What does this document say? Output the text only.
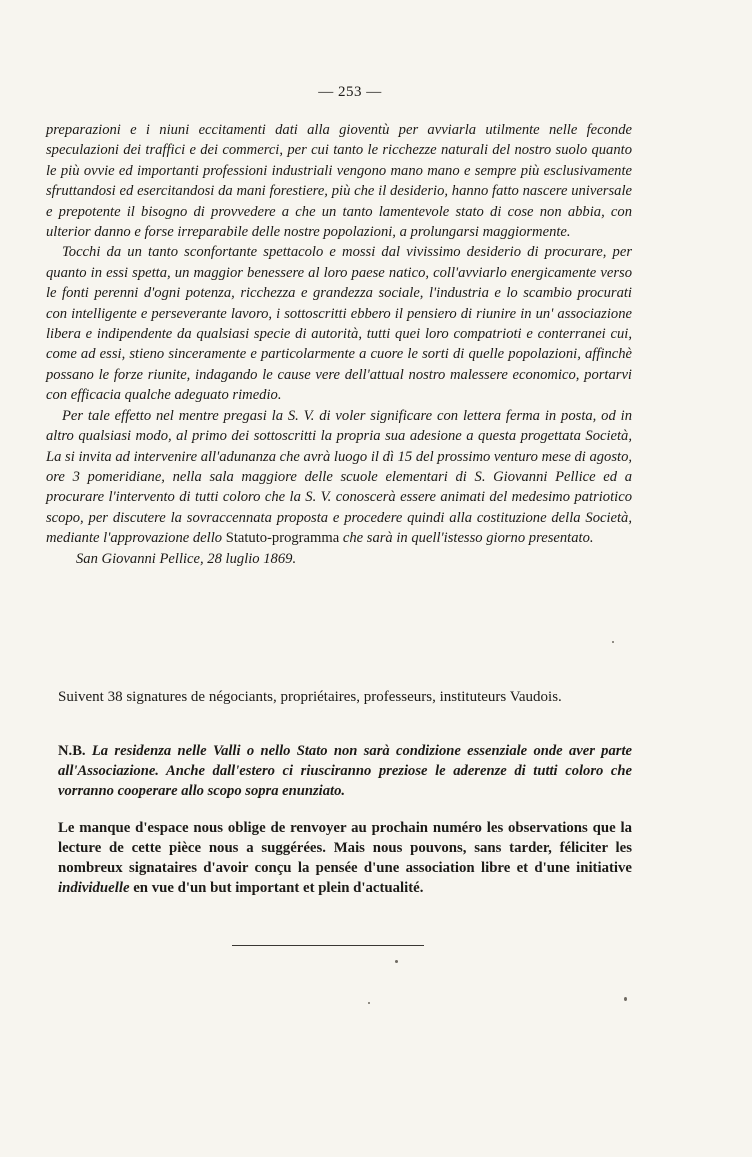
— 253 —

preparazioni e i niuni eccitamenti dati alla gioventù per avviarla utilmente nelle feconde speculazioni dei traffici e dei commerci, per cui tanto le ricchezze naturali del nostro suolo quanto le più ovvie ed importanti professioni industriali vengono mano mano e sempre più esclusivamente sfruttandosi ed esercitandosi da mani forestiere, più che il desiderio, hanno fatto nascere universale e prepotente il bisogno di provvedere a che un tanto lamentevole stato di cose non abbia, con ulterior danno e forse irreparabile delle nostre popolazioni, a prolungarsi maggiormente.

Tocchi da un tanto sconfortante spettacolo e mossi dal vivissimo desiderio di procurare, per quanto in essi spetta, un maggior benessere al loro paese natico, coll'avviarlo energicamente verso le fonti perenni d'ogni potenza, ricchezza e grandezza sociale, l'industria e lo scambio procurati con intelligente e perseverante lavoro, i sottoscritti ebbero il pensiero di riunire in un' associazione libera e indipendente da qualsiasi specie di autorità, tutti quei loro compatrioti e conterranei cui, come ad essi, stieno sinceramente e particolarmente a cuore le sorti di quelle popolazioni, affinchè possano le forze riunite, indagando le cause vere dell'attual nostro malessere economico, portarvi con efficacia qualche adeguato rimedio.

Per tale effetto nel mentre pregasi la S. V. di voler significare con lettera ferma in posta, od in altro qualsiasi modo, al primo dei sottoscritti la propria sua adesione a questa progettata Società, La si invita ad intervenire all'adunanza che avrà luogo il dì 15 del prossimo venturo mese di agosto, ore 3 pomeridiane, nella sala maggiore delle scuole elementari di S. Giovanni Pellice ed a procurare l'intervento di tutti coloro che la S. V. conoscerà essere animati del medesimo patriotico scopo, per discutere la sovraccennata proposta e procedere quindi alla costituzione della Società, mediante l'approvazione dello Statuto-programma che sarà in quell'istesso giorno presentato.

San Giovanni Pellice, 28 luglio 1869.

Suivent 38 signatures de négociants, propriétaires, professeurs, instituteurs Vaudois.
N.B. La residenza nelle Valli o nello Stato non sarà condizione essenziale onde aver parte all'Associazione. Anche dall'estero ci riusciranno preziose le aderenze di tutti coloro che vorranno cooperare allo scopo sopra enunziato.
Le manque d'espace nous oblige de renvoyer au prochain numéro les observations que la lecture de cette pièce nous a suggérées. Mais nous pouvons, sans tarder, féliciter les nombreux signataires d'avoir conçu la pensée d'une association libre et d'une initiative individuelle en vue d'un but important et plein d'actualité.
